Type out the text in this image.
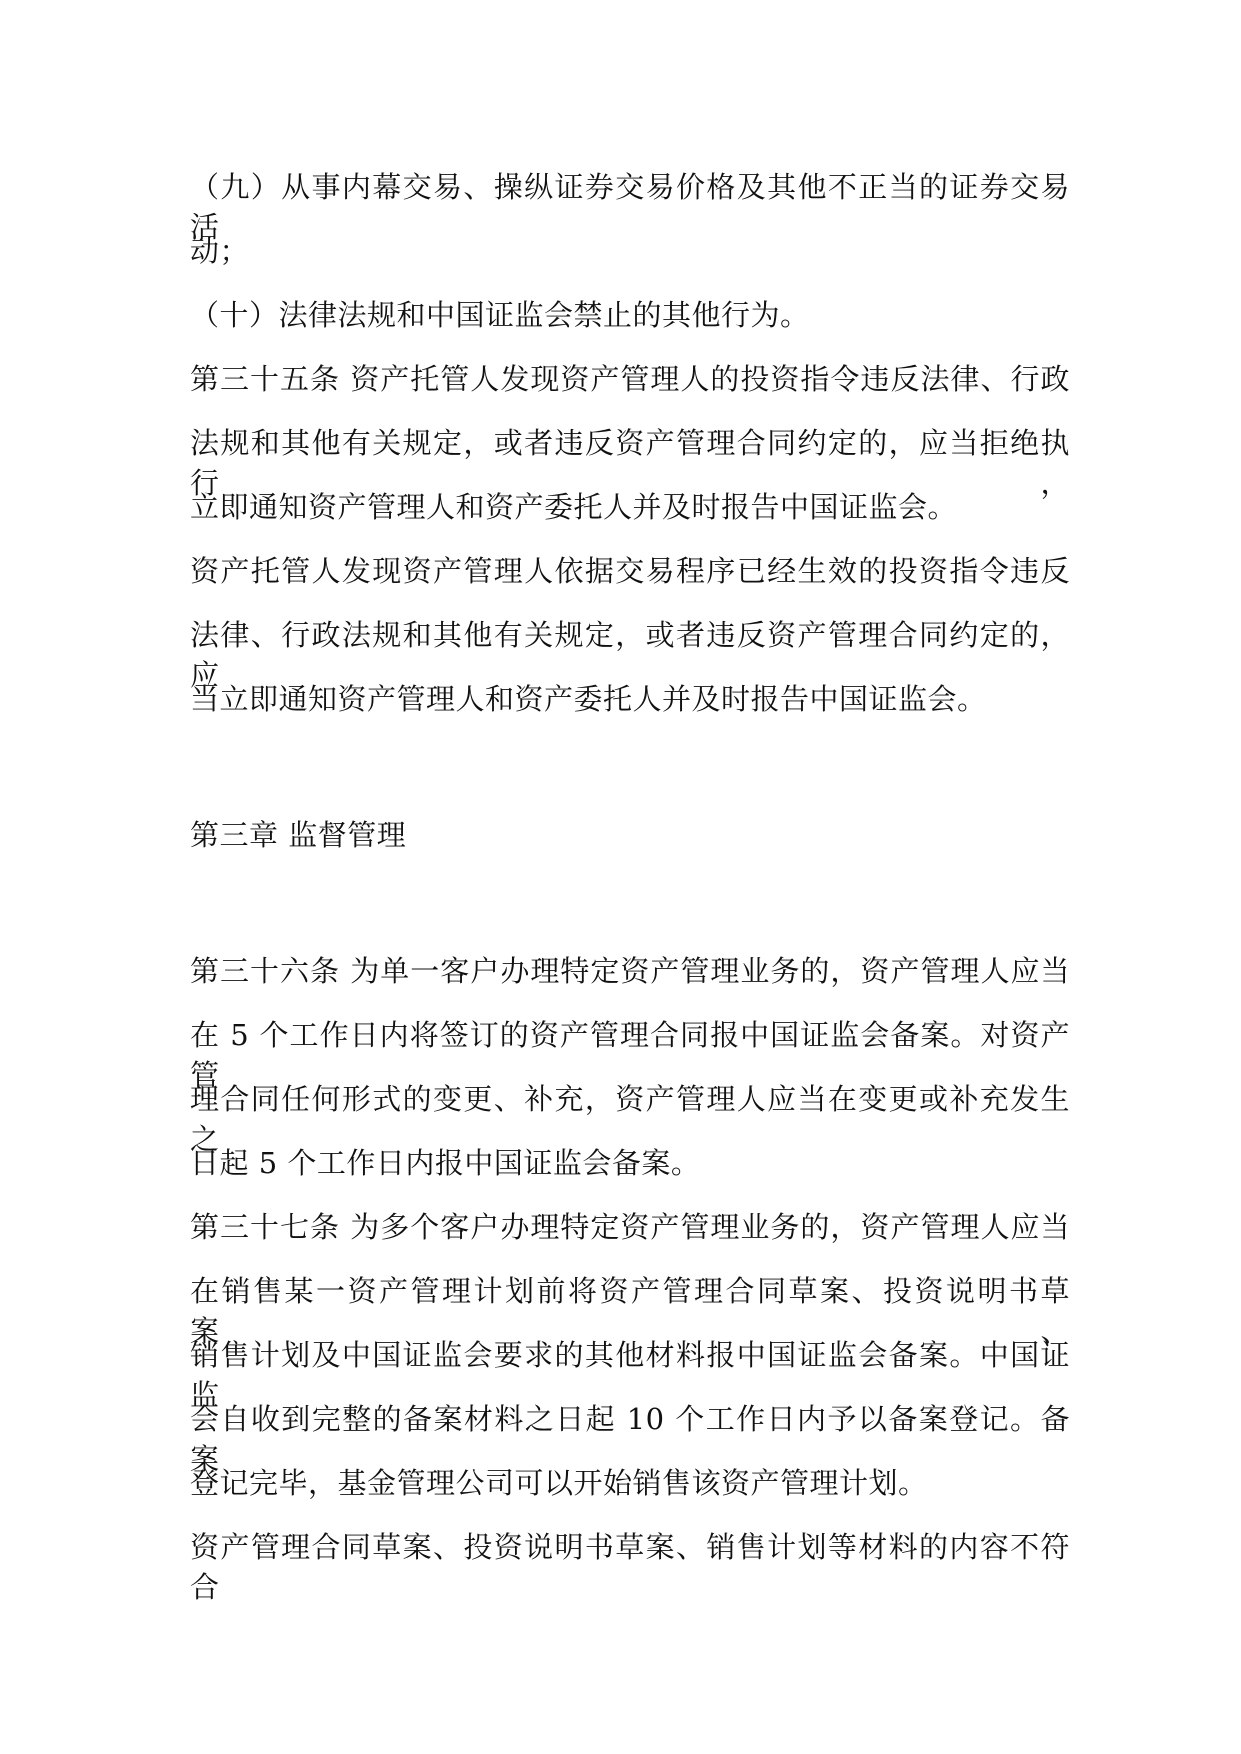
（九）从事内幕交易、操纵证券交易价格及其他不正当的证券交易活
动；
（十）法律法规和中国证监会禁止的其他行为。
第三十五条 资产托管人发现资产管理人的投资指令违反法律、行政
法规和其他有关规定，或者违反资产管理合同约定的，应当拒绝执行，
立即通知资产管理人和资产委托人并及时报告中国证监会。
资产托管人发现资产管理人依据交易程序已经生效的投资指令违反
法律、行政法规和其他有关规定，或者违反资产管理合同约定的，应
当立即通知资产管理人和资产委托人并及时报告中国证监会。
第三章 监督管理
第三十六条 为单一客户办理特定资产管理业务的，资产管理人应当
在 5 个工作日内将签订的资产管理合同报中国证监会备案。对资产管
理合同任何形式的变更、补充，资产管理人应当在变更或补充发生之
日起 5 个工作日内报中国证监会备案。
第三十七条 为多个客户办理特定资产管理业务的，资产管理人应当
在销售某一资产管理计划前将资产管理合同草案、投资说明书草案、
销售计划及中国证监会要求的其他材料报中国证监会备案。中国证监
会自收到完整的备案材料之日起 10 个工作日内予以备案登记。备案
登记完毕，基金管理公司可以开始销售该资产管理计划。
资产管理合同草案、投资说明书草案、销售计划等材料的内容不符合
